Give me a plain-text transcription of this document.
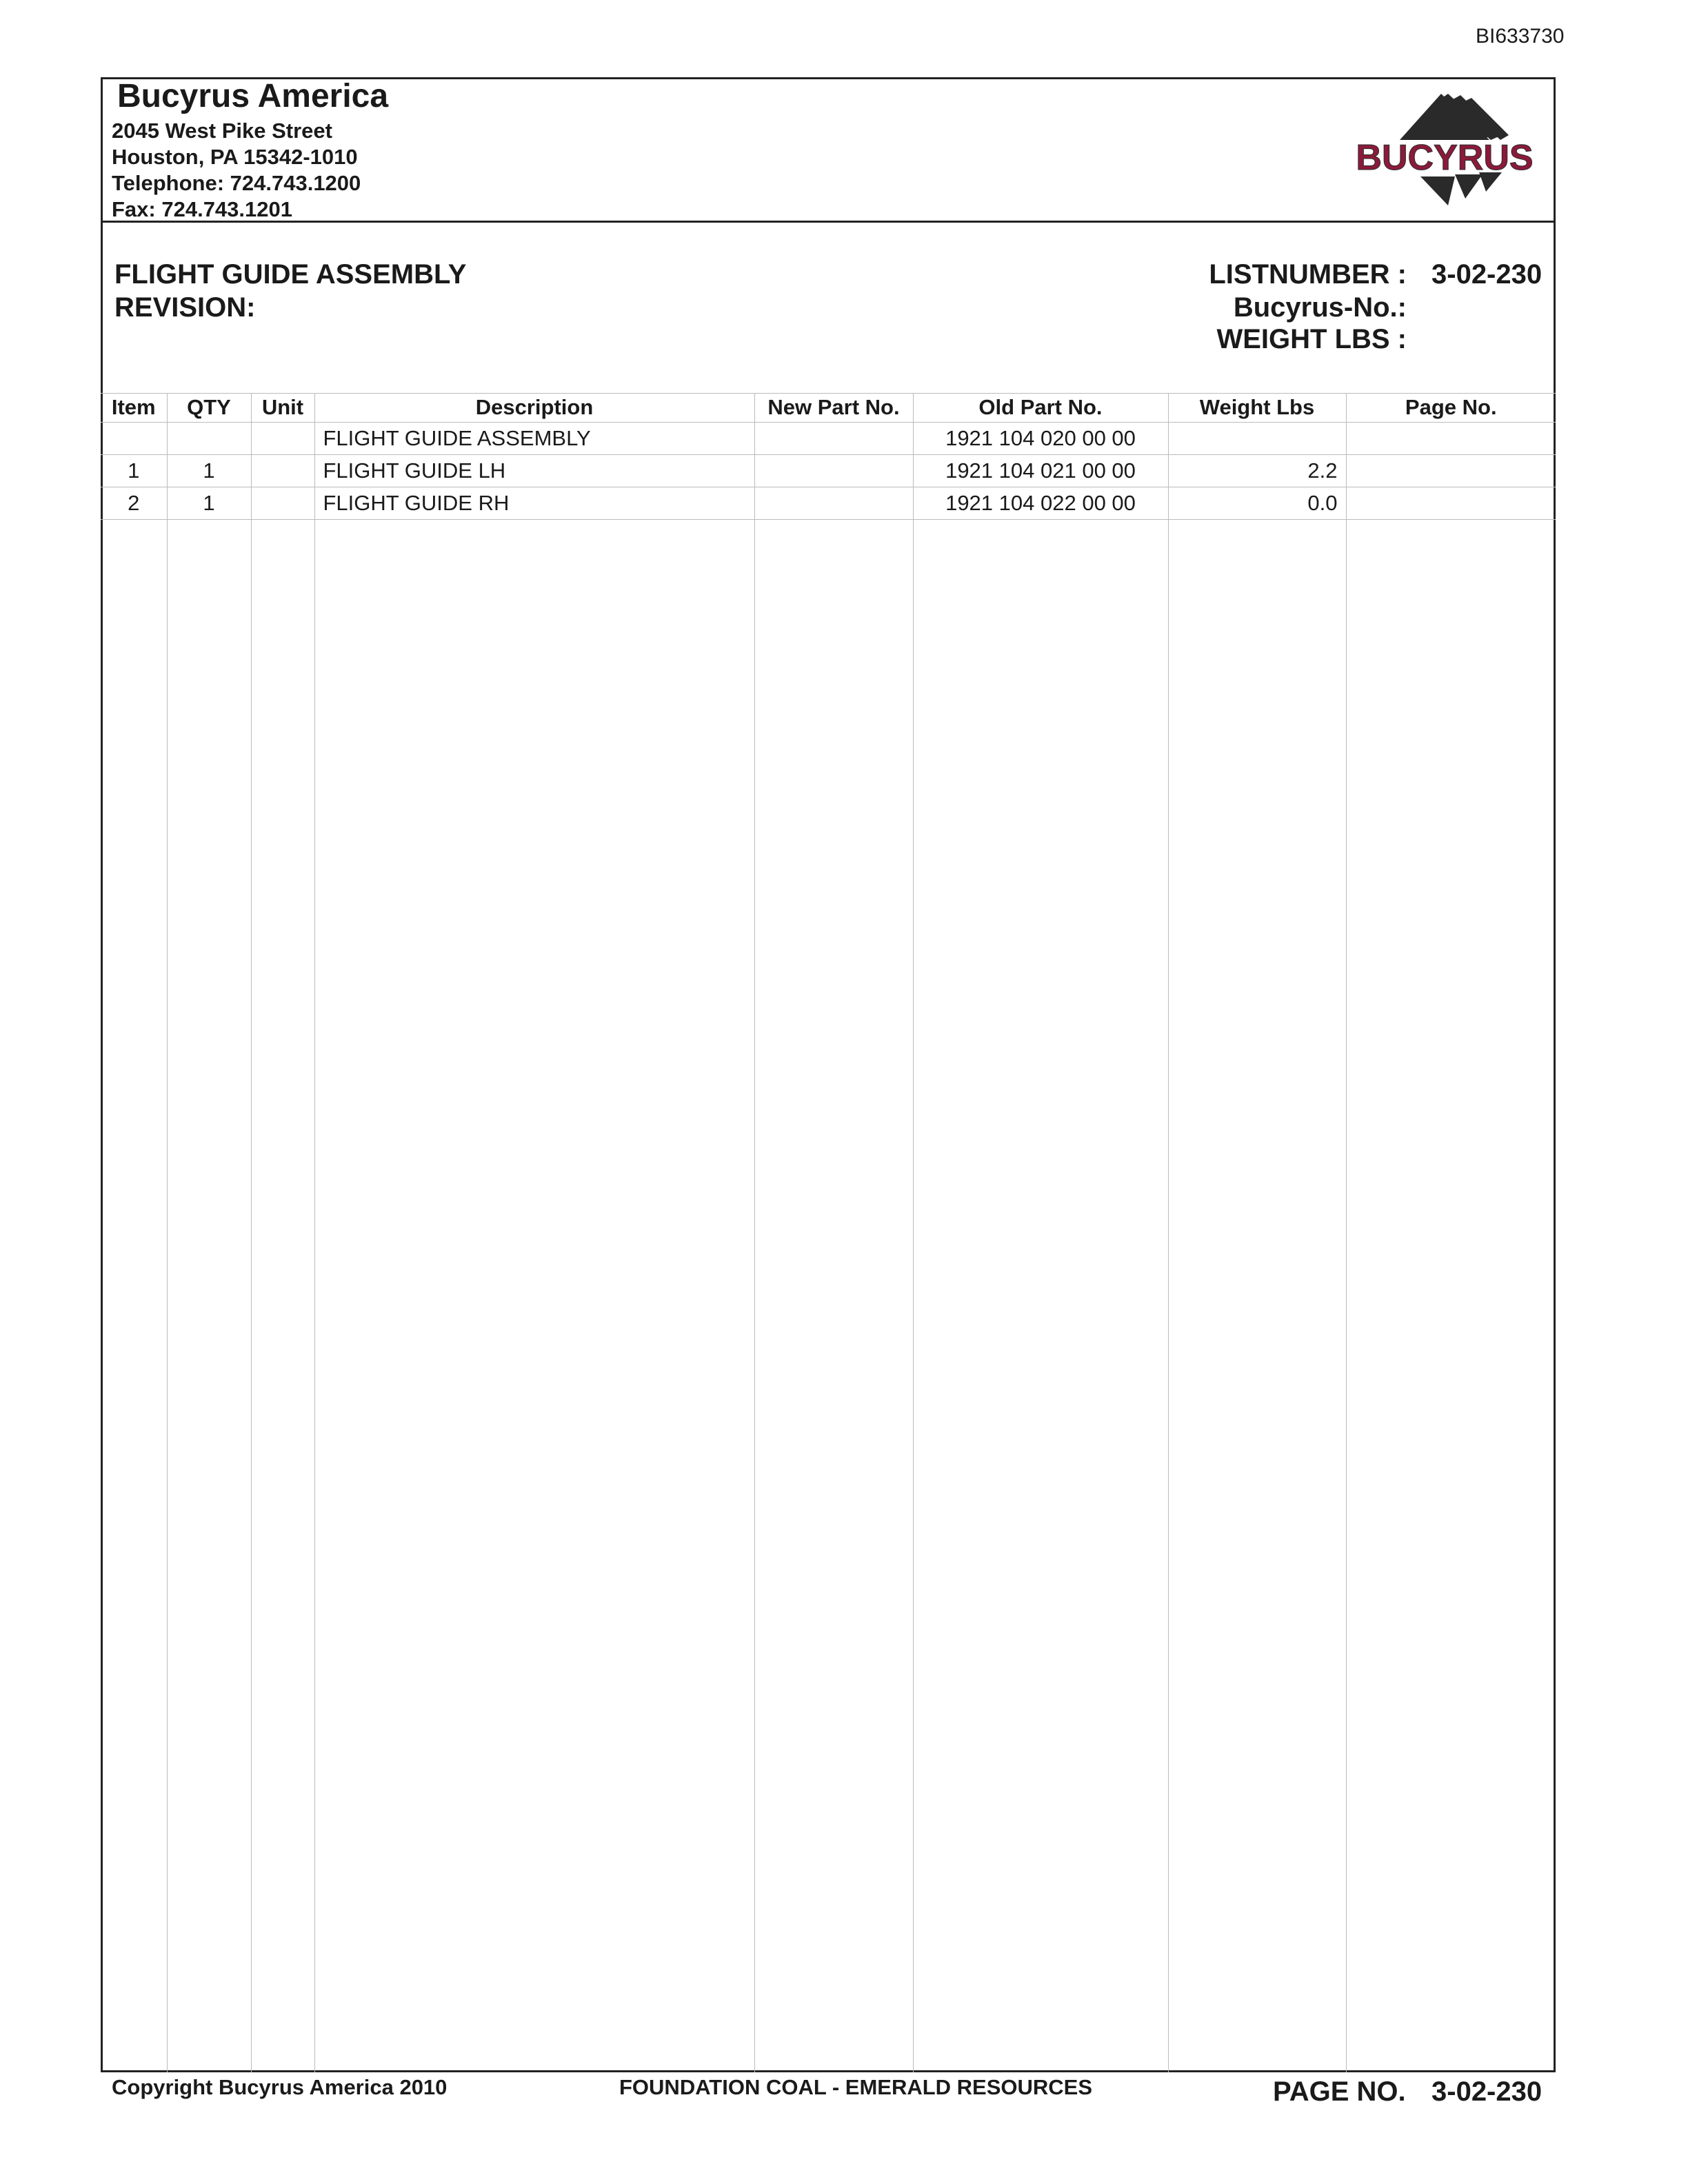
BI633730
Bucyrus America
2045 West Pike Street
Houston, PA 15342-1010
Telephone: 724.743.1200
Fax: 724.743.1201
BUCYRUS
FLIGHT GUIDE ASSEMBLY
REVISION:
LISTNUMBER : 3-02-230
Bucyrus-No.:
WEIGHT LBS :
Item	QTY	Unit	Description	New Part No.	Old Part No.	Weight Lbs	Page No.
			FLIGHT GUIDE ASSEMBLY		1921 104 020 00 00		
1	1		FLIGHT GUIDE LH		1921 104 021 00 00	2.2	
2	1		FLIGHT GUIDE RH		1921 104 022 00 00	0.0	
Copyright Bucyrus America 2010	FOUNDATION COAL - EMERALD RESOURCES	PAGE NO. 3-02-230
